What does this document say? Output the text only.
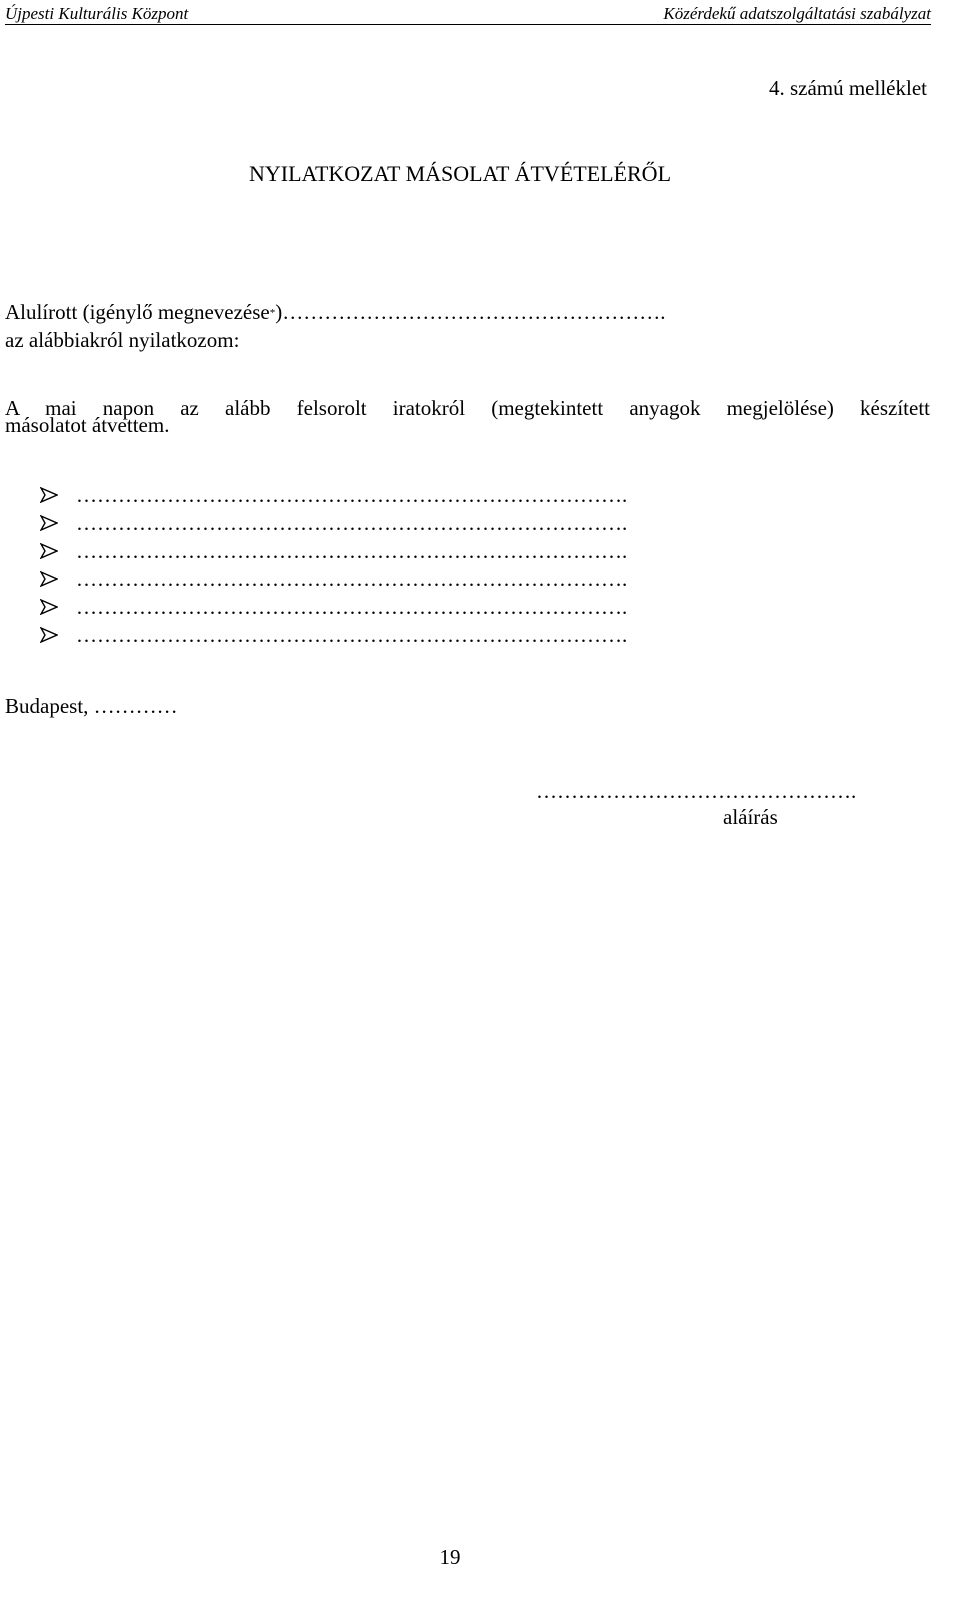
Újpesti Kulturális Központ	Közérdekű adatszolgáltatási szabályzat
4. számú melléklet
NYILATKOZAT MÁSOLAT ÁTVÉTELÉRŐL
Alulírott (igénylő megnevezése*)……………………………………………….
az alábbiakról nyilatkozom:
A mai napon az alább felsorolt iratokról (megtekintett anyagok megjelölése) készített
másolatot átvettem.
…………………………………………………………………….
…………………………………………………………………….
…………………………………………………………………….
…………………………………………………………………….
…………………………………………………………………….
…………………………………………………………………….
Budapest, …………
……………………………………….
aláírás
19
